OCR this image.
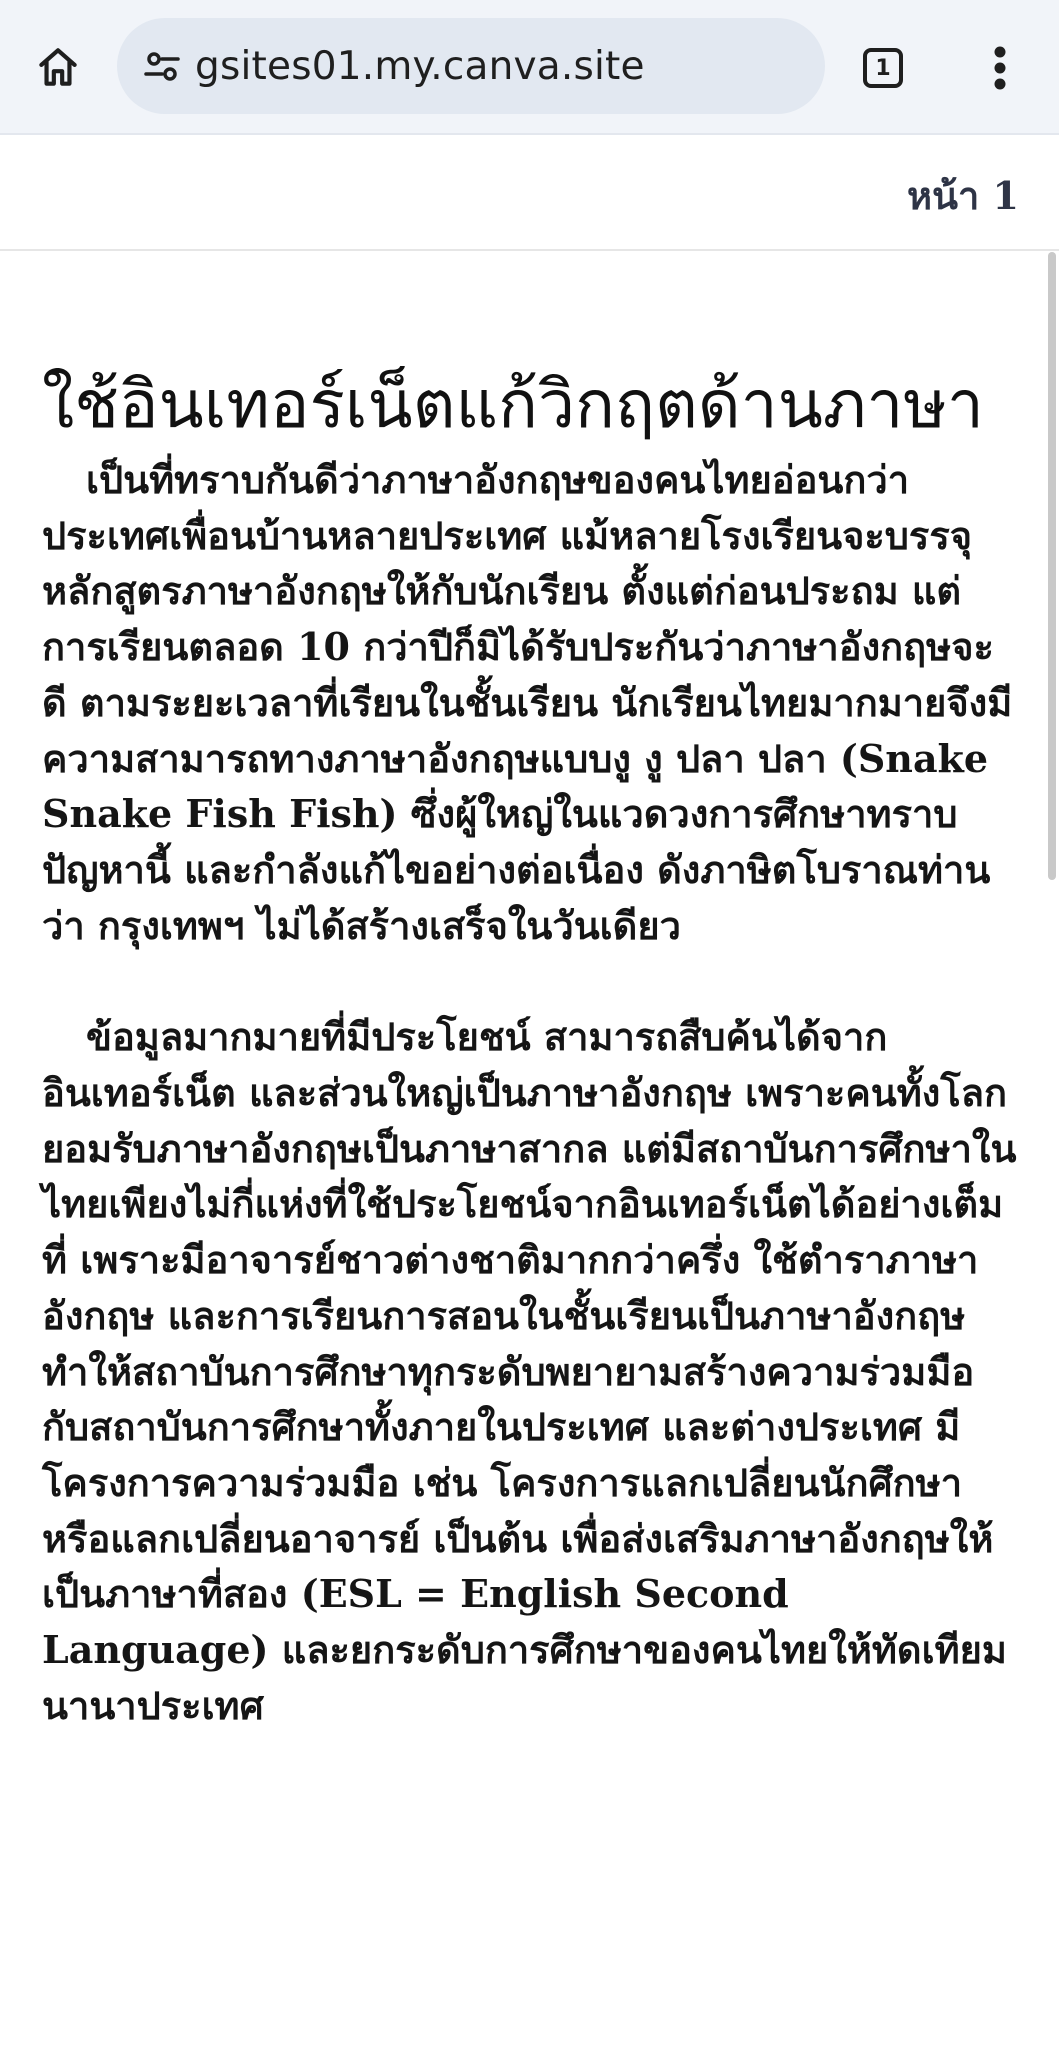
gsites01.my.canva.site	1
หน้า 1
ใช้อินเทอร์เน็ตแก้วิกฤตด้านภาษา

เป็นที่ทราบกันดีว่าภาษาอังกฤษของคนไทยอ่อนกว่าประเทศเพื่อนบ้านหลายประเทศ แม้หลายโรงเรียนจะบรรจุหลักสูตรภาษาอังกฤษให้กับนักเรียน ตั้งแต่ก่อนประถม แต่การเรียนตลอด 10 กว่าปีก็มิได้รับประกันว่าภาษาอังกฤษจะดี ตามระยะเวลาที่เรียนในชั้นเรียน นักเรียนไทยมากมายจึงมีความสามารถทางภาษาอังกฤษแบบงู งู ปลา ปลา (Snake Snake Fish Fish) ซึ่งผู้ใหญ่ในแวดวงการศึกษาทราบปัญหานี้ และกำลังแก้ไขอย่างต่อเนื่อง ดังภาษิตโบราณท่านว่า กรุงเทพฯ ไม่ได้สร้างเสร็จในวันเดียว

ข้อมูลมากมายที่มีประโยชน์ สามารถสืบค้นได้จากอินเทอร์เน็ต และส่วนใหญ่เป็นภาษาอังกฤษ เพราะคนทั้งโลกยอมรับภาษาอังกฤษเป็นภาษาสากล แต่มีสถาบันการศึกษาในไทยเพียงไม่กี่แห่งที่ใช้ประโยชน์จากอินเทอร์เน็ตได้อย่างเต็มที่ เพราะมีอาจารย์ชาวต่างชาติมากกว่าครึ่ง ใช้ตำราภาษาอังกฤษ และการเรียนการสอนในชั้นเรียนเป็นภาษาอังกฤษ ทำให้สถาบันการศึกษาทุกระดับพยายามสร้างความร่วมมือกับสถาบันการศึกษาทั้งภายในประเทศ และต่างประเทศ มีโครงการความร่วมมือ เช่น โครงการแลกเปลี่ยนนักศึกษา หรือแลกเปลี่ยนอาจารย์ เป็นต้น เพื่อส่งเสริมภาษาอังกฤษให้เป็นภาษาที่สอง (ESL = English Second Language) และยกระดับการศึกษาของคนไทยให้ทัดเทียมนานาประเทศ
